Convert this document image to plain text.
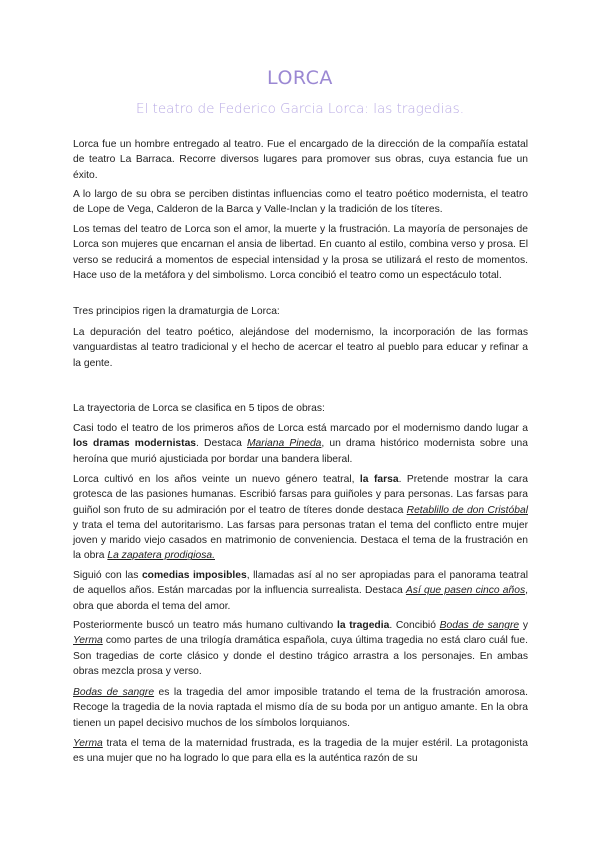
LORCA
El teatro de Federico Garcia Lorca: las tragedias.

Lorca fue un hombre entregado al teatro. Fue el encargado de la dirección de la compañía estatal de teatro La Barraca. Recorre diversos lugares para promover sus obras, cuya estancia fue un éxito.

A lo largo de su obra se perciben distintas influencias como el teatro poético modernista, el teatro de Lope de Vega, Calderon de la Barca y Valle-Inclan y la tradición de los títeres.

Los temas del teatro de Lorca son el amor, la muerte y la frustración. La mayoría de personajes de Lorca son mujeres que encarnan el ansia de libertad. En cuanto al estilo, combina verso y prosa. El verso se reducirá a momentos de especial intensidad y la prosa se utilizará el resto de momentos. Hace uso de la metáfora y del simbolismo. Lorca concibió el teatro como un espectáculo total.

Tres principios rigen la dramaturgia de Lorca:

La depuración del teatro poético, alejándose del modernismo, la incorporación de las formas vanguardistas al teatro tradicional y el hecho de acercar el teatro al pueblo para educar y refinar a la gente.

La trayectoria de Lorca se clasifica en 5 tipos de obras:

Casi todo el teatro de los primeros años de Lorca está marcado por el modernismo dando lugar a los dramas modernistas. Destaca Mariana Pineda, un drama histórico modernista sobre una heroína que murió ajusticiada por bordar una bandera liberal.

Lorca cultivó en los años veinte un nuevo género teatral, la farsa. Pretende mostrar la cara grotesca de las pasiones humanas. Escribió farsas para guiñoles y para personas. Las farsas para guiñol son fruto de su admiración por el teatro de títeres donde destaca Retablillo de don Cristóbal y trata el tema del autoritarismo. Las farsas para personas tratan el tema del conflicto entre mujer joven y marido viejo casados en matrimonio de conveniencia. Destaca el tema de la frustración en la obra La zapatera prodigiosa.

Siguió con las comedias imposibles, llamadas así al no ser apropiadas para el panorama teatral de aquellos años. Están marcadas por la influencia surrealista. Destaca Así que pasen cinco años, obra que aborda el tema del amor.

Posteriormente buscó un teatro más humano cultivando la tragedia. Concibió Bodas de sangre y Yerma como partes de una trilogía dramática española, cuya última tragedia no está claro cuál fue. Son tragedias de corte clásico y donde el destino trágico arrastra a los personajes. En ambas obras mezcla prosa y verso.

Bodas de sangre es la tragedia del amor imposible tratando el tema de la frustración amorosa. Recoge la tragedia de la novia raptada el mismo día de su boda por un antiguo amante. En la obra tienen un papel decisivo muchos de los símbolos lorquianos.

Yerma trata el tema de la maternidad frustrada, es la tragedia de la mujer estéril. La protagonista es una mujer que no ha logrado lo que para ella es la auténtica razón de su
